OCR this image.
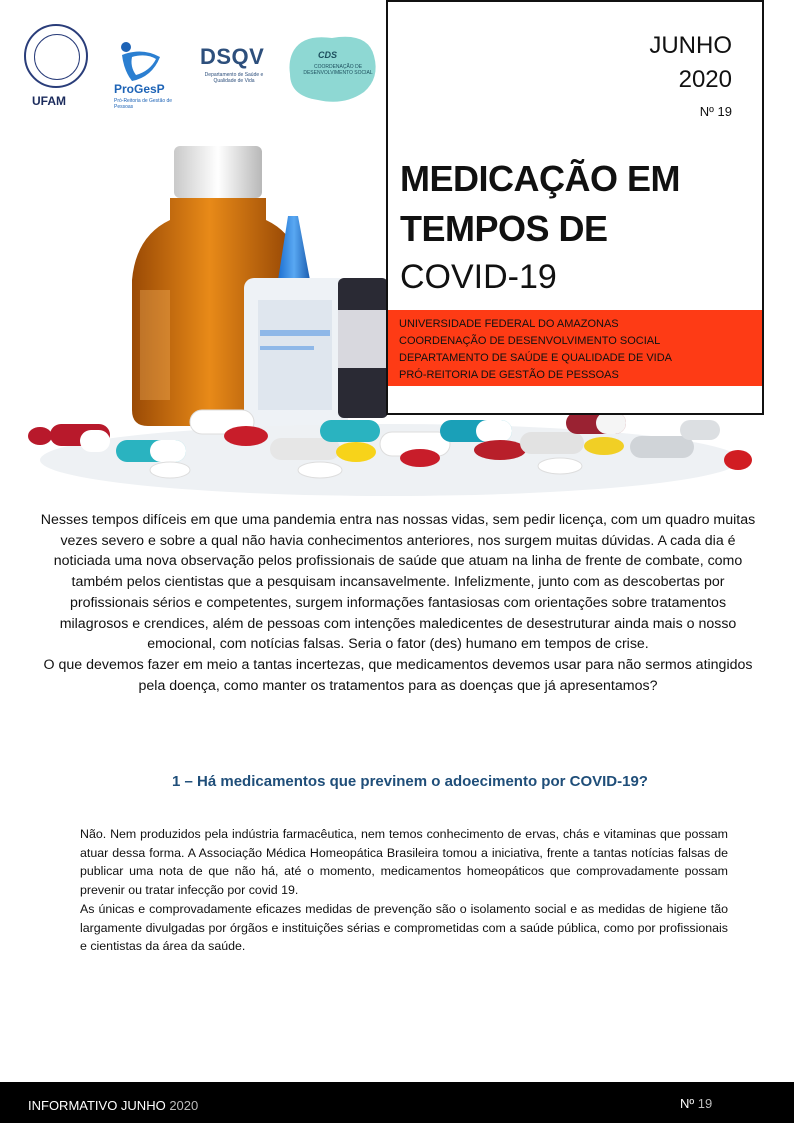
UFAM
ProGesP
Pró-Reitoria de Gestão de Pessoas
DSQV
Departamento de Saúde e Qualidade de Vida
CDS
COORDENAÇÃO DE DESENVOLVIMENTO SOCIAL
JUNHO
2020
Nº 19
MEDICAÇÃO EM
TEMPOS DE
COVID-19
UNIVERSIDADE FEDERAL DO AMAZONAS
COORDENAÇÃO DE DESENVOLVIMENTO SOCIAL
DEPARTAMENTO DE SAÚDE E QUALIDADE DE VIDA
PRÓ-REITORIA DE GESTÃO DE PESSOAS

Nesses tempos difíceis em que uma pandemia entra nas nossas vidas, sem pedir licença, com um quadro muitas vezes severo e sobre a qual não havia conhecimentos anteriores, nos surgem muitas dúvidas. A cada dia é noticiada uma nova observação pelos profissionais de saúde que atuam na linha de frente de combate, como também pelos cientistas que a pesquisam incansavelmente. Infelizmente, junto com as descobertas por profissionais sérios e competentes, surgem informações fantasiosas com orientações sobre tratamentos milagrosos e crendices, além de pessoas com intenções maledicentes de desestruturar ainda mais o nosso emocional, com notícias falsas. Seria o fator (des) humano em tempos de crise.

O que devemos fazer em meio a tantas incertezas, que medicamentos devemos usar para não sermos atingidos pela doença, como manter os tratamentos para as doenças que já apresentamos?

1 – Há medicamentos que previnem o adoecimento por COVID-19?

Não. Nem produzidos pela indústria farmacêutica, nem temos conhecimento de ervas, chás e vitaminas que possam atuar dessa forma. A Associação Médica Homeopática Brasileira tomou a iniciativa, frente a tantas notícias falsas de publicar uma nota de que não há, até o momento, medicamentos homeopáticos que comprovadamente possam prevenir ou tratar infecção por covid 19.

As únicas e comprovadamente eficazes medidas de prevenção são o isolamento social e as medidas de higiene tão largamente divulgadas por órgãos e instituições sérias e comprometidas com a saúde pública, como por profissionais e cientistas da área da saúde.

INFORMATIVO JUNHO 2020	Nº 19
